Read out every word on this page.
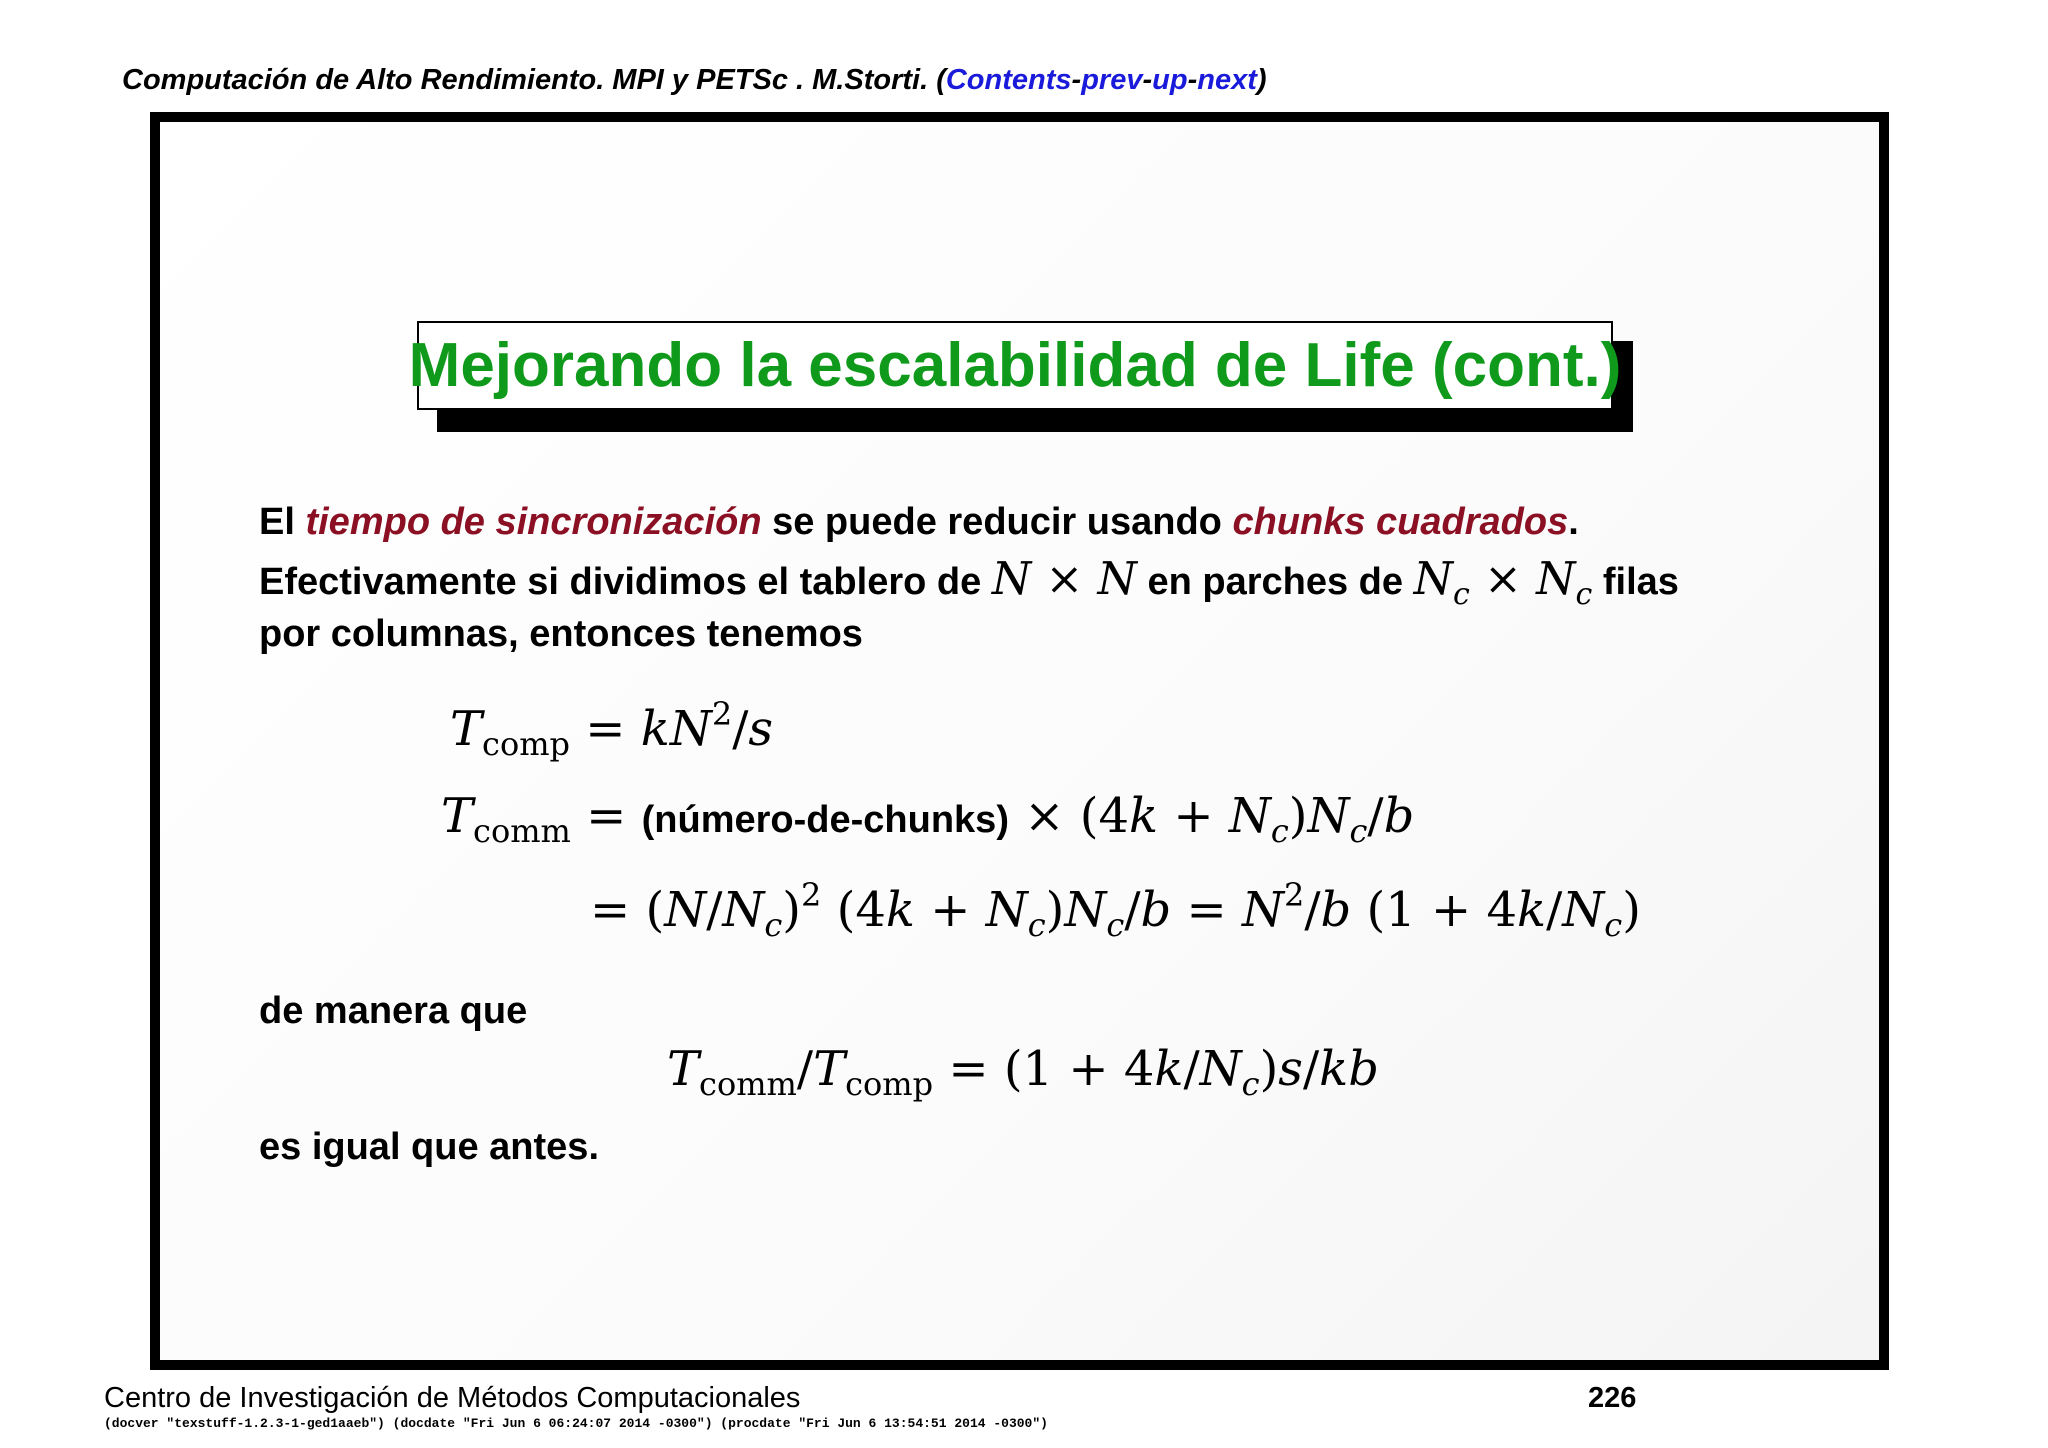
Computación de Alto Rendimiento. MPI y PETSc . M.Storti. (Contents-prev-up-next)
Mejorando la escalabilidad de Life (cont.)
El tiempo de sincronización se puede reducir usando chunks cuadrados.
Efectivamente si dividimos el tablero de N × N en parches de $N_c \times N_c$ filas
por columnas, entonces tenemos
$T_{comp} = kN^2/s$
$T_{comm}$ = (número-de-chunks) × $(4k + N_c)N_c/b$
= $(N/N_c)^2$ $(4k + N_c)N_c/b = N^2/b$ $(1 + 4k/N_c)$
de manera que
$T_{comm}/T_{comp} = (1 + 4k/N_c)s/kb$
es igual que antes.
Centro de Investigación de Métodos Computacionales	226
(docver "texstuff-1.2.3-1-ged1aaeb") (docdate "Fri Jun 6 06:24:07 2014 -0300") (procdate "Fri Jun 6 13:54:51 2014 -0300")
